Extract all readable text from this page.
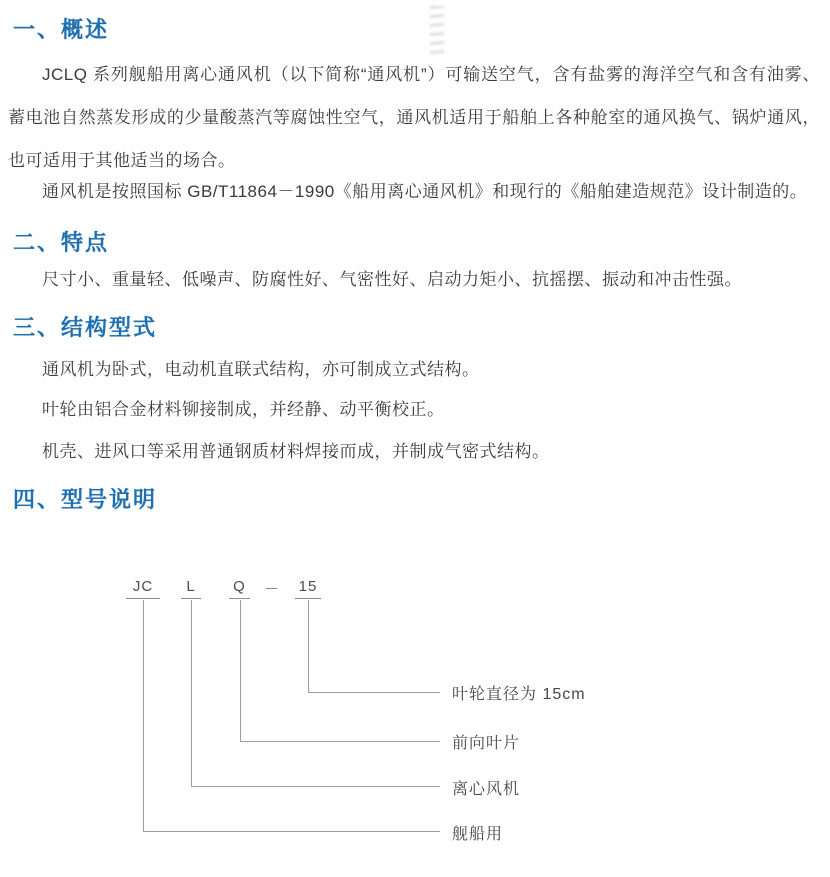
一、概述
JCLQ 系列舰船用离心通风机（以下简称“通风机”）可输送空气，含有盐雾的海洋空气和含有油雾、蓄电池自然蒸发形成的少量酸蒸汽等腐蚀性空气，通风机适用于船舶上各种舱室的通风换气、锅炉通风，也可适用于其他适当的场合。
通风机是按照国标 GB/T11864－1990《船用离心通风机》和现行的《船舶建造规范》设计制造的。
二、特点
尺寸小、重量轻、低噪声、防腐性好、气密性好、启动力矩小、抗摇摆、振动和冲击性强。
三、结构型式
通风机为卧式，电动机直联式结构，亦可制成立式结构。
叶轮由铝合金材料铆接制成，并经静、动平衡校正。
机壳、进风口等采用普通钢质材料焊接而成，并制成气密式结构。
四、型号说明
JC	L	Q － 15
叶轮直径为 15cm
前向叶片
离心风机
舰船用
